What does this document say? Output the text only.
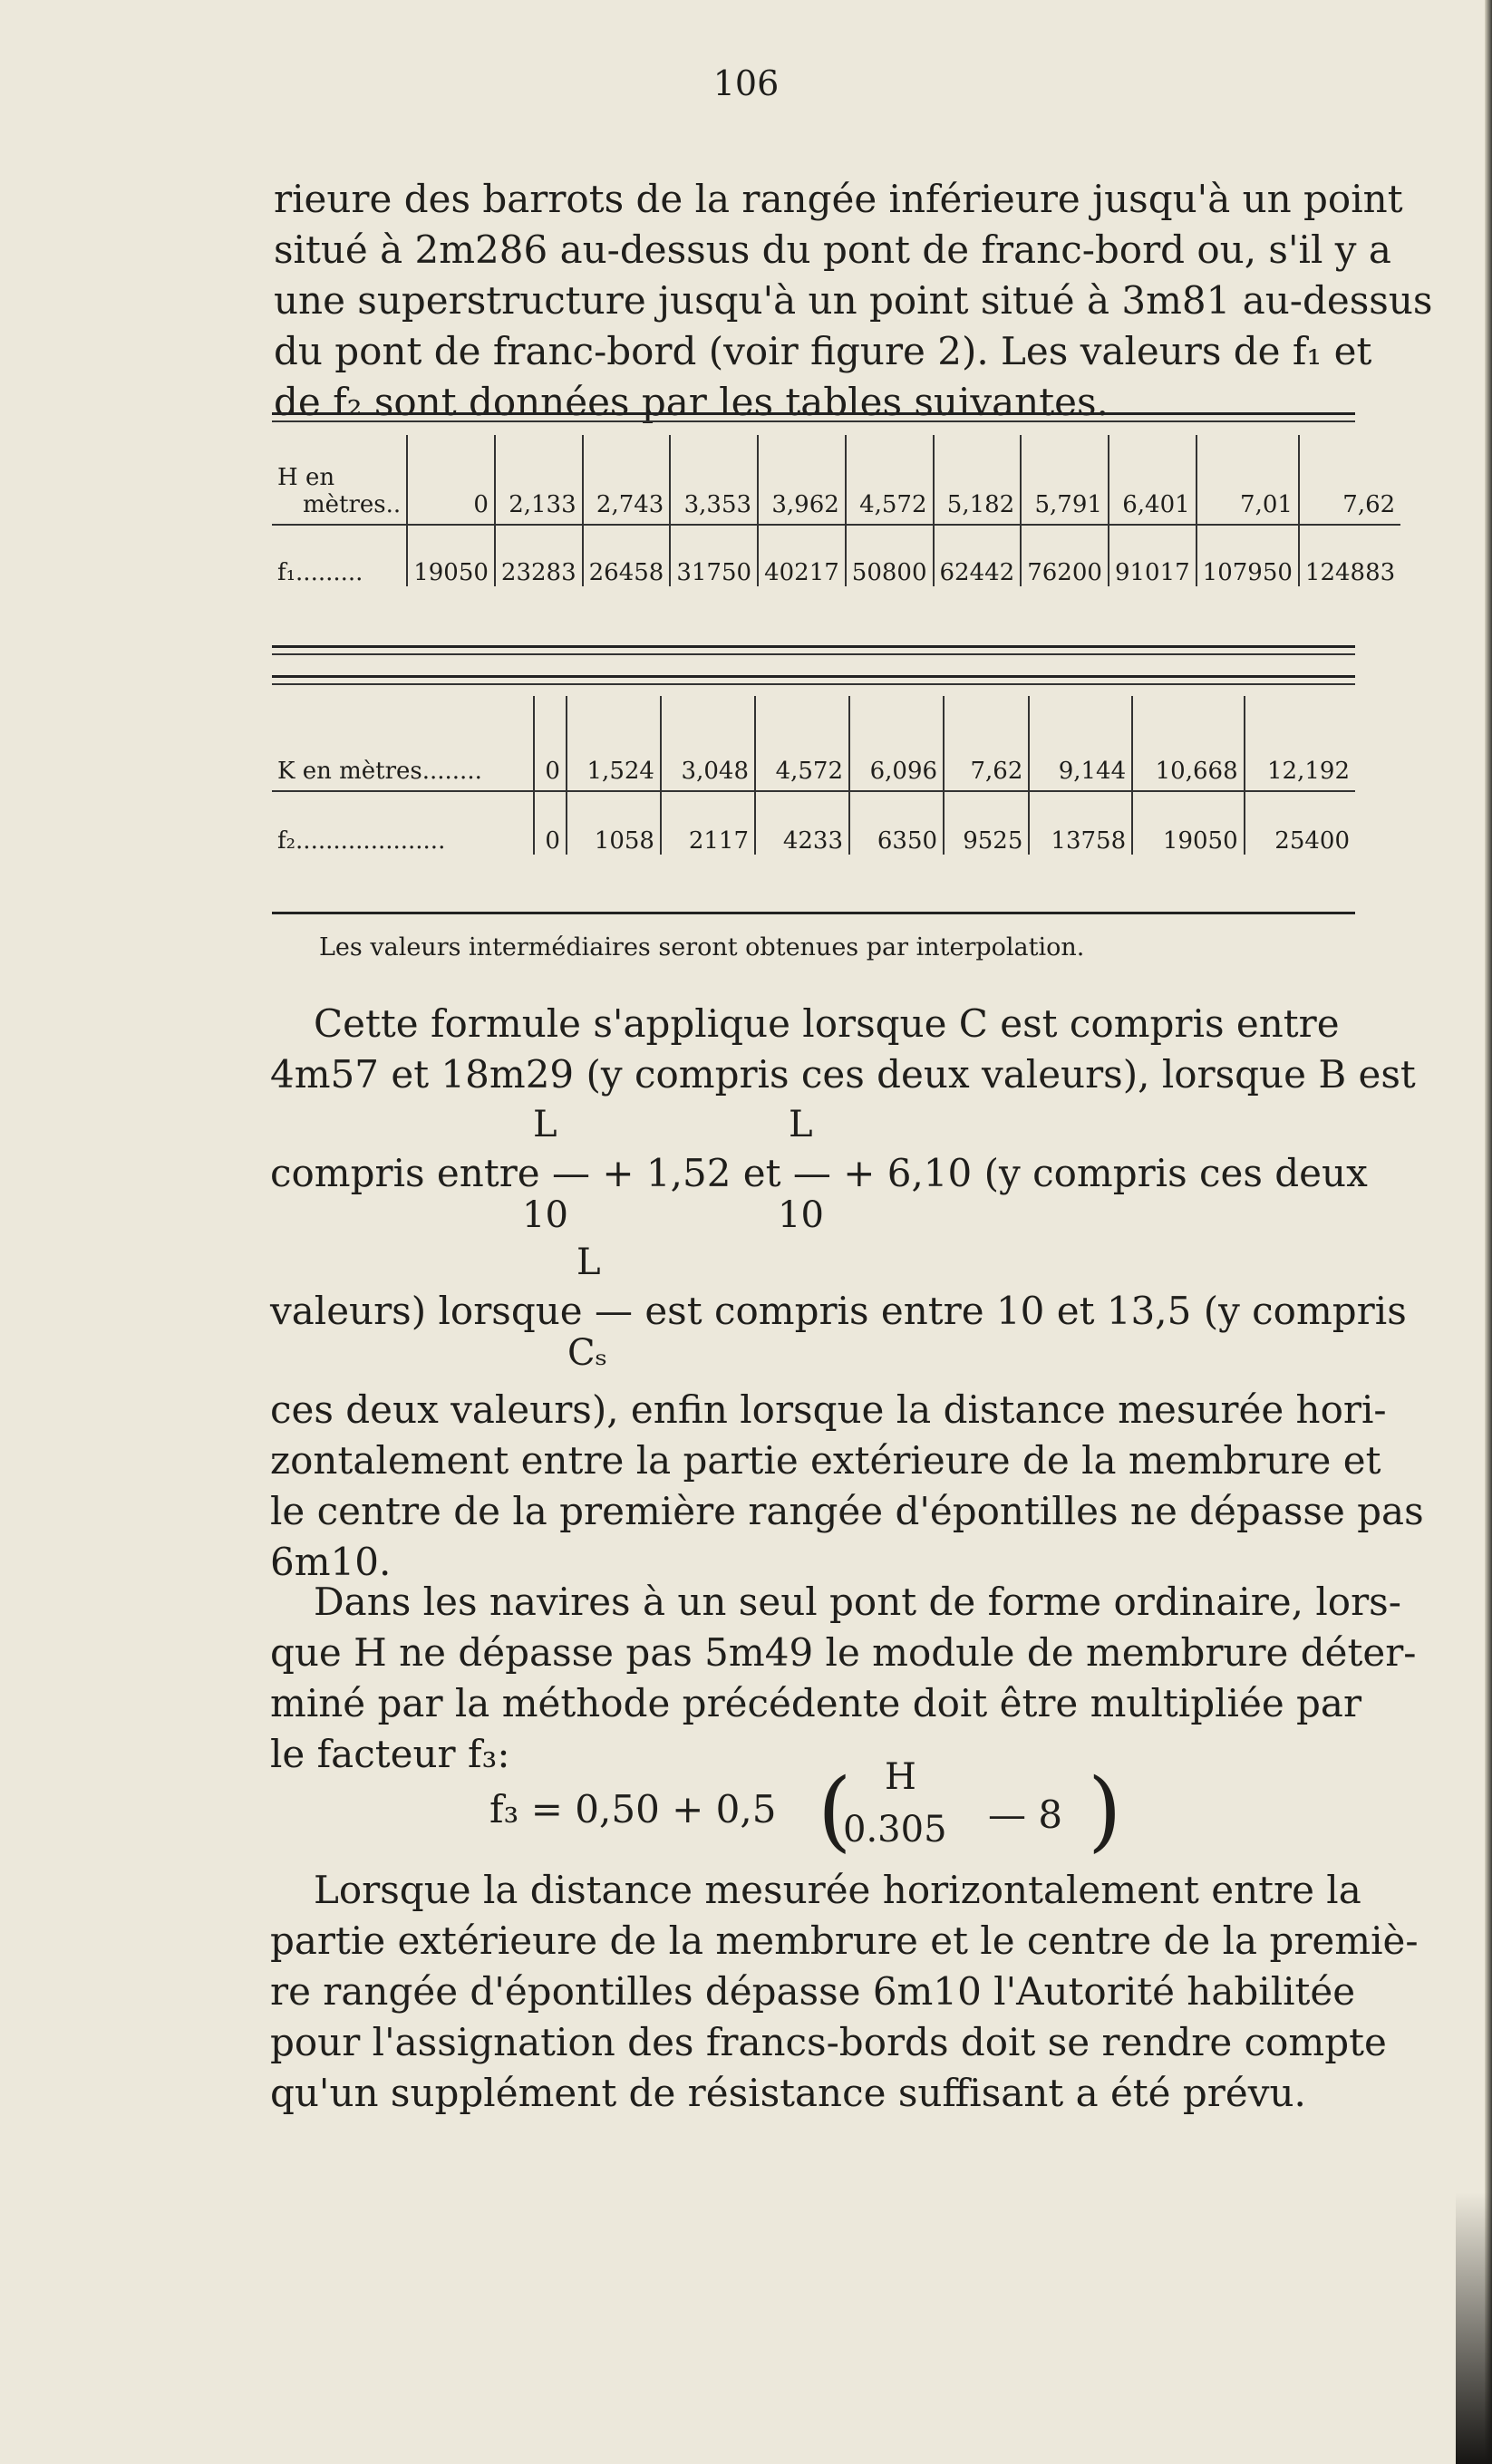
106

rieure des barrots de la rangée inférieure jusqu'à un point

situé à 2m286 au-dessus du pont de franc-bord ou, s'il y a

une superstructure jusqu'à un point situé à 3m81 au-dessus

du pont de franc-bord (voir figure 2). Les valeurs de f₁ et

de f₂ sont données par les tables suivantes.

H en
mètres..	0	2,133	2,743	3,353	3,962	4,572	5,182	5,791	6,401	7,01	7,62

f₁.........	19050	23283	26458	31750	40217	50800	62442	76200	91017	107950	124883
K en mètres........	0	1,524	3,048	4,572	6,096	7,62	9,144	10,668	12,192

f₂....................	0	1058	2117	4233	6350	9525	13758	19050	25400
Les valeurs intermédiaires seront obtenues par interpolation.

Cette formule s'applique lorsque C est compris entre

4m57 et 18m29 (y compris ces deux valeurs), lorsque B est

L	L
compris entre — + 1,52 et — + 6,10 (y compris ces deux
10	10
L
valeurs) lorsque — est compris entre 10 et 13,5 (y compris
Cₛ

ces deux valeurs), enfin lorsque la distance mesurée hori-

zontalement entre la partie extérieure de la membrure et

le centre de la première rangée d'épontilles ne dépasse pas

6m10.

Dans les navires à un seul pont de forme ordinaire, lors-

que H ne dépasse pas 5m49 le module de membrure déter-

miné par la méthode précédente doit être multipliée par

le facteur f₃:

f₃ = 0,50 + 0,5 ( H
0.305 — 8 )

Lorsque la distance mesurée horizontalement entre la

partie extérieure de la membrure et le centre de la premiè-

re rangée d'épontilles dépasse 6m10 l'Autorité habilitée

pour l'assignation des francs-bords doit se rendre compte

qu'un supplément de résistance suffisant a été prévu.
